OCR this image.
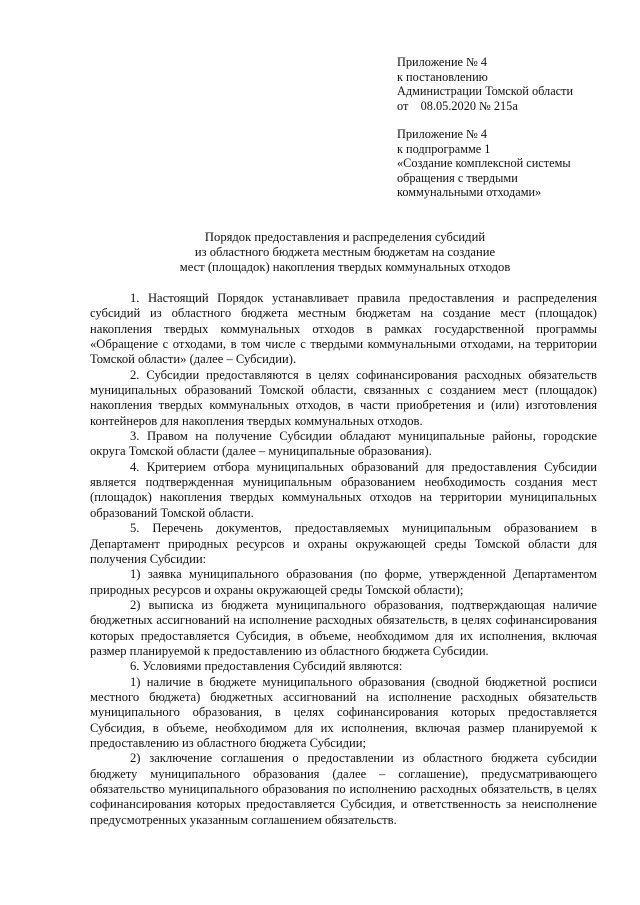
Приложение № 4
к постановлению
Администрации Томской области
от    08.05.2020 № 215а
Приложение № 4
к подпрограмме 1
«Создание комплексной системы
обращения с твердыми
коммунальными отходами»
Порядок предоставления и распределения субсидий
из областного бюджета местным бюджетам на создание
мест (площадок) накопления твердых коммунальных отходов

1. Настоящий Порядок устанавливает правила предоставления и распределения субсидий из областного бюджета местным бюджетам на создание мест (площадок) накопления твердых коммунальных отходов в рамках государственной программы «Обращение с отходами, в том числе с твердыми коммунальными отходами, на территории Томской области» (далее – Субсидии).

2. Субсидии предоставляются в целях софинансирования расходных обязательств муниципальных образований Томской области, связанных с созданием мест (площадок) накопления твердых коммунальных отходов, в части приобретения и (или) изготовления контейнеров для накопления твердых коммунальных отходов.

3. Правом на получение Субсидии обладают муниципальные районы, городские округа Томской области (далее – муниципальные образования).

4. Критерием отбора муниципальных образований для предоставления Субсидии является подтвержденная муниципальным образованием необходимость создания мест (площадок) накопления твердых коммунальных отходов на территории муниципальных образований Томской области.

5. Перечень документов, предоставляемых муниципальным образованием в Департамент природных ресурсов и охраны окружающей среды Томской области для получения Субсидии:

1) заявка муниципального образования (по форме, утвержденной Департаментом природных ресурсов и охраны окружающей среды Томской области);

2) выписка из бюджета муниципального образования, подтверждающая наличие бюджетных ассигнований на исполнение расходных обязательств, в целях софинансирования которых предоставляется Субсидия, в объеме, необходимом для их исполнения, включая размер планируемой к предоставлению из областного бюджета Субсидии.

6. Условиями предоставления Субсидий являются:

1) наличие в бюджете муниципального образования (сводной бюджетной росписи местного бюджета) бюджетных ассигнований на исполнение расходных обязательств муниципального образования, в целях софинансирования которых предоставляется Субсидия, в объеме, необходимом для их исполнения, включая размер планируемой к предоставлению из областного бюджета Субсидии;

2) заключение соглашения о предоставлении из областного бюджета субсидии бюджету муниципального образования (далее – соглашение), предусматривающего обязательство муниципального образования по исполнению расходных обязательств, в целях софинансирования которых предоставляется Субсидия, и ответственность за неисполнение предусмотренных указанным соглашением обязательств.
